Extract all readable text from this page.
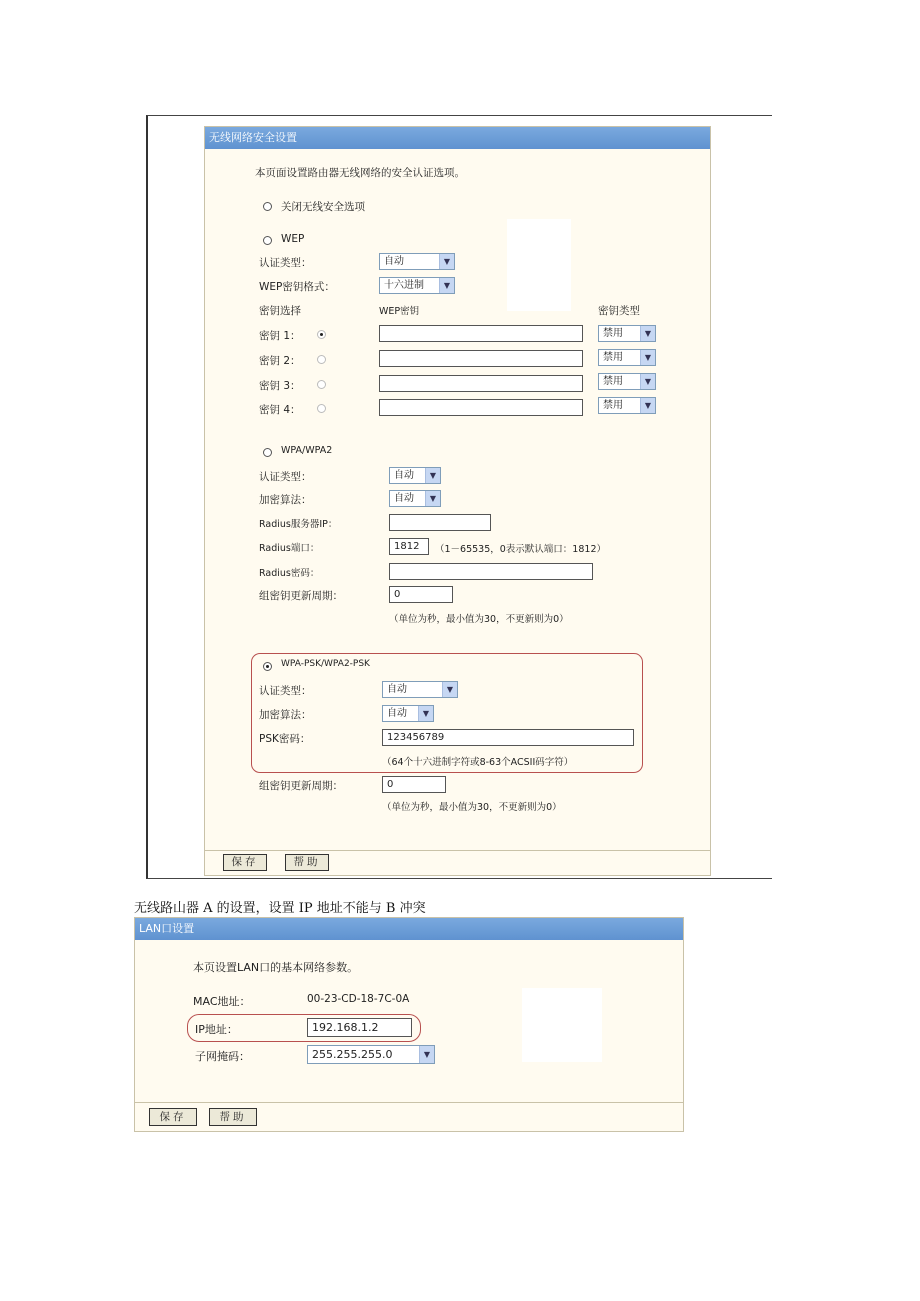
无线网络安全设置
本页面设置路由器无线网络的安全认证选项。
关闭无线安全选项
WEP
认证类型：	自动	▼
WEP密钥格式：	十六进制	▼
密钥选择	WEP密钥	密钥类型
密钥 1：	禁用	▼
密钥 2：	禁用	▼
密钥 3：	禁用	▼
密钥 4：	禁用	▼
WPA/WPA2
认证类型：	自动	▼
加密算法：	自动	▼
Radius服务器IP：
Radius端口：	1812	（1－65535，0表示默认端口：1812）
Radius密码：
组密钥更新周期：	0
（单位为秒，最小值为30，不更新则为0）
WPA-PSK/WPA2-PSK
认证类型：	自动	▼
加密算法：	自动	▼
PSK密码：	123456789
（64个十六进制字符或8-63个ACSII码字符）
组密钥更新周期：	0
（单位为秒，最小值为30，不更新则为0）
保存	帮助
无线路山器 A 的设置，设置 IP 地址不能与 B 冲突
LAN口设置
本页设置LAN口的基本网络参数。
MAC地址：	00-23-CD-18-7C-0A
IP地址：	192.168.1.2
子网掩码：	255.255.255.0	▼
保存	帮助
